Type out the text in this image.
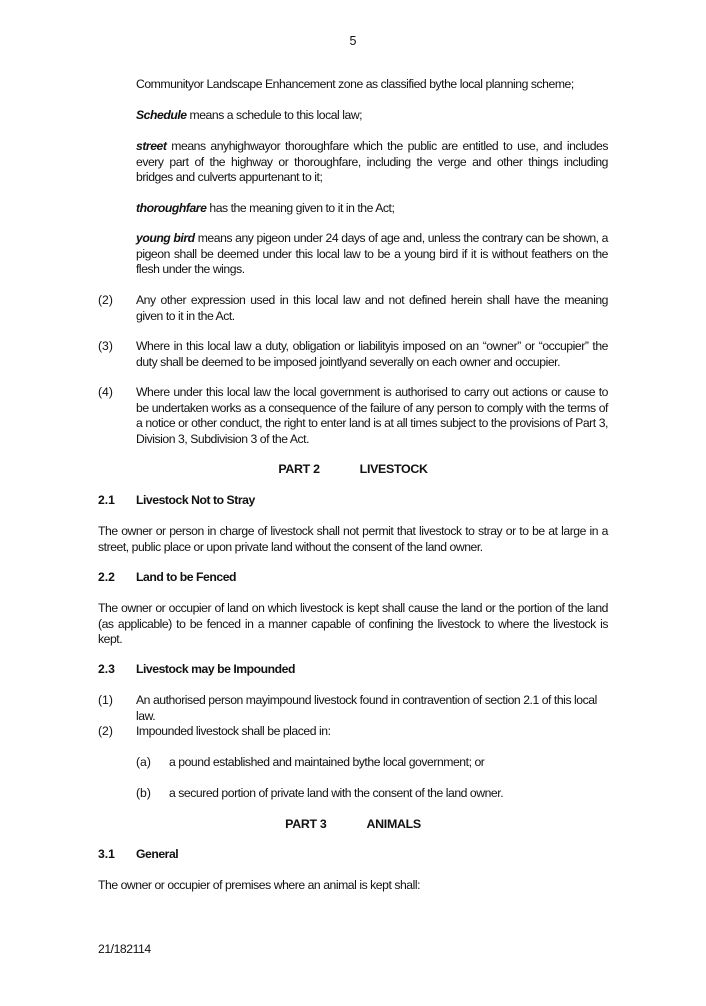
5
Communityor Landscape Enhancement zone as classified bythe local planning scheme;
Schedule means a schedule to this local law;
street means anyhighwayor thoroughfare which the public are entitled to use, and includes every part of the highway or thoroughfare, including the verge and other things including bridges and culverts appurtenant to it;
thoroughfare has the meaning given to it in the Act;
young bird means any pigeon under 24 days of age and, unless the contrary can be shown, a pigeon shall be deemed under this local law to be a young bird if it is without feathers on the flesh under the wings.
(2) Any other expression used in this local law and not defined herein shall have the meaning given to it in the Act.
(3) Where in this local law a duty, obligation or liabilityis imposed on an “owner” or “occupier” the duty shall be deemed to be imposed jointlyand severally on each owner and occupier.
(4) Where under this local law the local government is authorised to carry out actions or cause to be undertaken works as a consequence of the failure of any person to comply with the terms of a notice or other conduct, the right to enter land is at all times subject to the provisions of Part 3, Division 3, Subdivision 3 of the Act.
PART 2	LIVESTOCK
2.1 Livestock Not to Stray
The owner or person in charge of livestock shall not permit that livestock to stray or to be at large in a street, public place or upon private land without the consent of the land owner.
2.2 Land to be Fenced
The owner or occupier of land on which livestock is kept shall cause the land or the portion of the land (as applicable) to be fenced in a manner capable of confining the livestock to where the livestock is kept.
2.3 Livestock may be Impounded
(1) An authorised person mayimpound livestock found in contravention of section 2.1 of this local law.
(2) Impounded livestock shall be placed in:
(a) a pound established and maintained bythe local government; or
(b) a secured portion of private land with the consent of the land owner.
PART 3	ANIMALS
3.1 General
The owner or occupier of premises where an animal is kept shall:
21/182114
